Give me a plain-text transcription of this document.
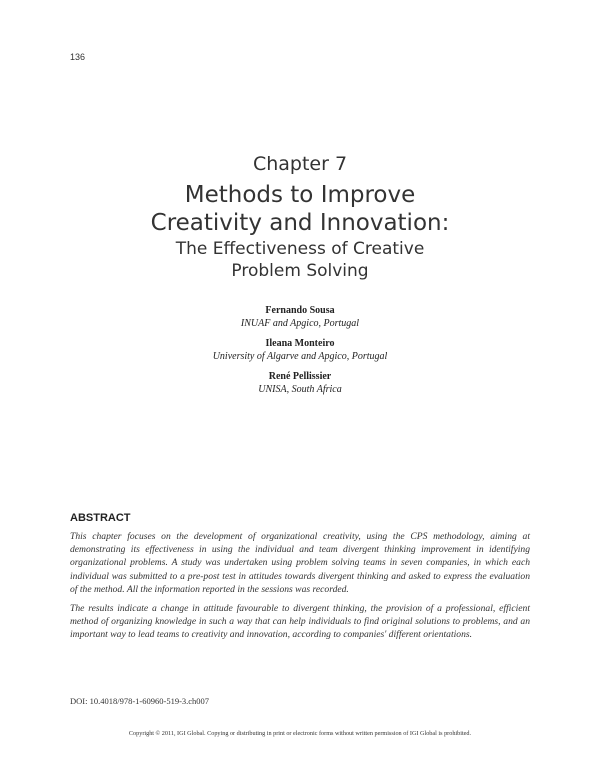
136
Chapter 7
Methods to Improve
Creativity and Innovation:
The Effectiveness of Creative
Problem Solving
Fernando Sousa
INUAF and Apgico, Portugal
Ileana Monteiro
University of Algarve and Apgico, Portugal
René Pellissier
UNISA, South Africa
ABSTRACT

This chapter focuses on the development of organizational creativity, using the CPS methodology, aiming at demonstrating its effectiveness in using the individual and team divergent thinking improvement in identifying organizational problems. A study was undertaken using problem solving teams in seven companies, in which each individual was submitted to a pre-post test in attitudes towards divergent thinking and asked to express the evaluation of the method. All the information reported in the sessions was recorded.

The results indicate a change in attitude favourable to divergent thinking, the provision of a professional, efficient method of organizing knowledge in such a way that can help individuals to find original solutions to problems, and an important way to lead teams to creativity and innovation, according to companies' different orientations.

DOI: 10.4018/978-1-60960-519-3.ch007
Copyright © 2011, IGI Global. Copying or distributing in print or electronic forms without written permission of IGI Global is prohibited.
